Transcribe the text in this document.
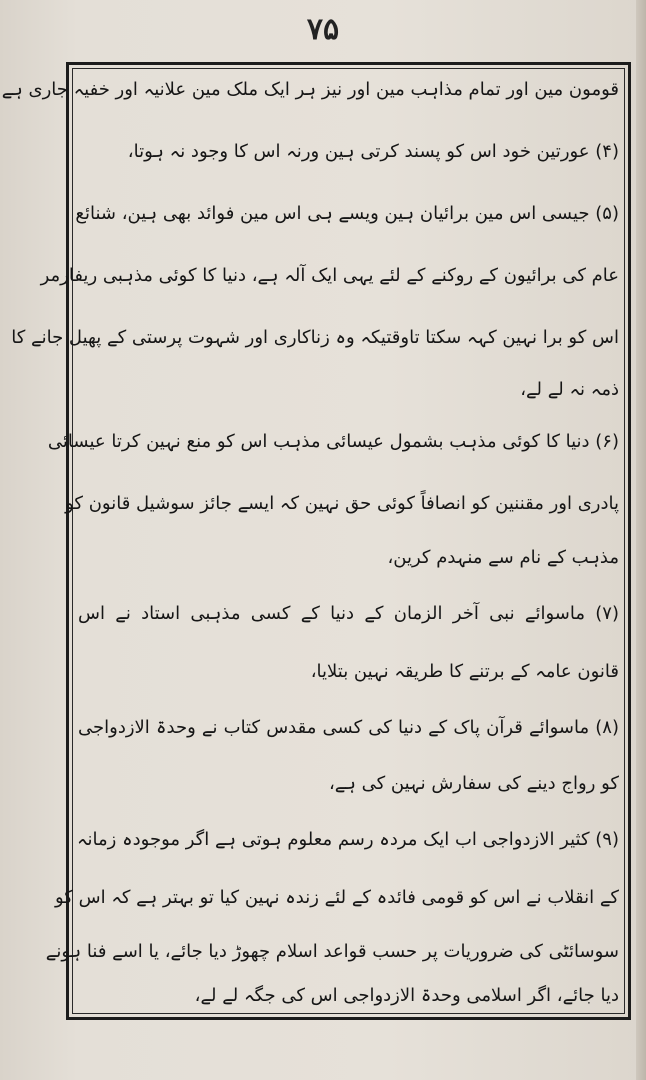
۷۵
قومون مین اور تمام مذاہب مین اور نیز ہر ایک ملک مین علانیہ اور خفیہ جاری ہے
(۴) عورتین خود اس کو پسند کرتی ہین ورنہ اس کا وجود نہ ہوتا،
(۵) جیسی اس مین برائیان ہین ویسے ہی اس مین فوائد بھی ہین، شنائع
عام کی برائیون کے روکنے کے لئے یہی ایک آلہ ہے، دنیا کا کوئی مذہبی ریفارمر
اس کو برا نہین کہہ سکتا تاوقتیکہ وہ زناکاری اور شہوت پرستی کے پھیل جانے کا
ذمہ نہ لے لے،
(۶) دنیا کا کوئی مذہب بشمول عیسائی مذہب اس کو منع نہین کرتا عیسائی
پادری اور مقننین کو انصافاً کوئی حق نہین کہ ایسے جائز سوشیل قانون کو
مذہب کے نام سے منہدم کرین،
(۷) ماسوائے نبی آخر الزمان کے دنیا کے کسی مذہبی استاد نے اس
قانون عامہ کے برتنے کا طریقہ نہین بتلایا،
(۸) ماسوائے قرآن پاک کے دنیا کی کسی مقدس کتاب نے وحدۃ الازدواجی
کو رواج دینے کی سفارش نہین کی ہے،
(۹) کثیر الازدواجی اب ایک مردہ رسم معلوم ہوتی ہے اگر موجودہ زمانہ
کے انقلاب نے اس کو قومی فائدہ کے لئے زندہ نہین کیا تو بہتر ہے کہ اس کو
سوسائٹی کی ضروریات پر حسب قواعد اسلام چھوڑ دیا جائے، یا اسے فنا ہونے
دیا جائے، اگر اسلامی وحدۃ الازدواجی اس کی جگہ لے لے،
